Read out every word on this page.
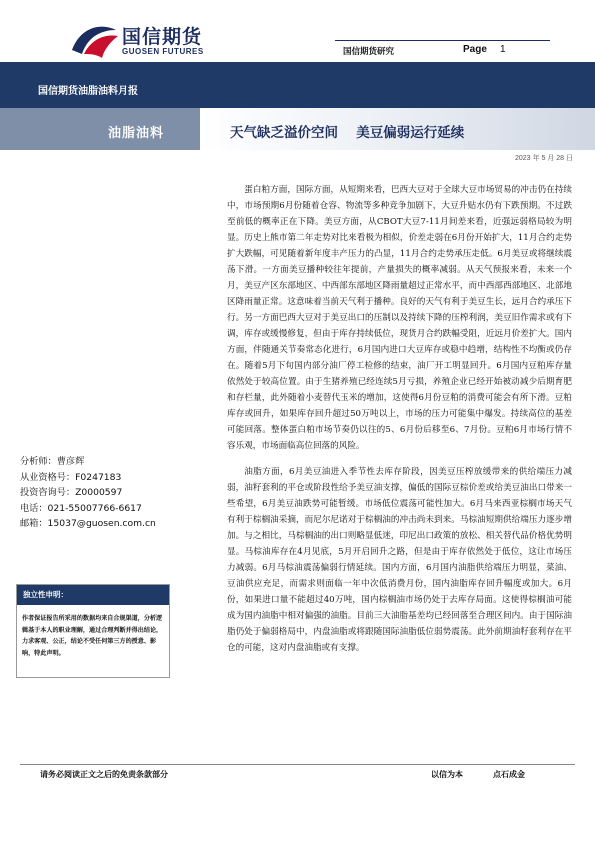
国信期货
GUOSEN FUTURES	国信期货研究	Page 1
国信期货油脂油料月报
油脂油料	天气缺乏溢价空间　 美豆偏弱运行延续
2023 年 5 月 28 日

蛋白粕方面，国际方面，从短期来看，巴西大豆对于全球大豆市场贸易的冲击仍在持续中，市场预期6月份随着仓容、物流等多种竞争加剧下，大豆升贴水仍有下跌预期。不过跌至前低的概率正在下降。美豆方面，从CBOT大豆7-11月间差来看，近强远弱格局较为明显。历史上熊市第二年走势对比来看极为相似，价差走弱在6月份开始扩大，11月合约走势扩大跌幅，可见随着新年度丰产压力的凸显，11月合约走势承压走低。6月美豆或将继续震荡下滑。一方面美豆播种较往年提前，产量损失的概率减弱。从天气预报来看，未来一个月，美豆产区东部地区、中西部东部地区降雨量超过正常水平，而中西部西部地区、北部地区降雨量正常。这意味着当前天气利于播种。良好的天气有利于美豆生长，远月合约承压下行。另一方面巴西大豆对于美豆出口的压制以及持续下降的压榨利润，美豆旧作需求或有下调，库存或缓慢修复，但由于库存持续低位，现货月合约跌幅受阻，近远月价差扩大。国内方面，伴随通关节奏常态化进行，6月国内进口大豆库存或稳中趋增，结构性不均衡或仍存在。随着5月下旬国内部分油厂停工检修的结束，油厂开工明显回升。6月国内豆粕库存量依然处于较高位置。由于生猪养殖已经连续5月亏损，养殖企业已经开始被动减少后期育肥和存栏量，此外随着小麦替代玉米的增加，这使得6月份豆粕的消费可能会有所下滑。豆粕库存或回升，如果库存回升超过50万吨以上，市场的压力可能集中爆发。持续高位的基差可能回落。整体蛋白粕市场节奏仍以往的5、6月份后移至6、7月份。豆粕6月市场行情不容乐观，市场面临高位回落的风险。

油脂方面，6月美豆油进入季节性去库存阶段，因美豆压榨放缓带来的供给端压力减弱，油籽套利的平仓或阶段性给予美豆油支撑，偏低的国际豆棕价差或给美豆油出口带来一些希望，6月美豆油跌势可能暂缓。市场低位震荡可能性加大。6月马来西亚棕榈市场天气有利于棕榈油采摘，而尼尔尼诺对于棕榈油的冲击尚未到来。马棕油短期供给端压力逐步增加。与之相比，马棕榈油的出口则略显低迷，印尼出口政策的放松、相关替代品价格优势明显。马棕油库存在4月见底，5月开启回升之路，但是由于库存依然处于低位，这让市场压力减弱。6月马棕油震荡偏弱行情延续。国内方面，6月国内油脂供给端压力明显，菜油、豆油供应充足，而需求则面临一年中次低消费月份，国内油脂库存回升幅度或加大。6月份，如果进口量不能超过40万吨，国内棕榈油市场仍处于去库存局面。这使得棕榈油可能成为国内油脂中相对偏强的油脂。目前三大油脂基差均已经回落至合理区间内。由于国际油脂仍处于偏弱格局中，内盘油脂或将跟随国际油脂低位弱势震荡。此外前期油籽套利存在平仓的可能，这对内盘油脂或有支撑。

分析师：曹彦辉
从业资格号：F0247183
投资咨询号：Z0000597
电话：021-55007766-6617
邮箱：15037@guosen.com.cn
独立性申明：
作者保证报告所采用的数据均来自合规渠道，分析逻辑基于本人的职业理解，通过合理判断并得出结论，力求客观、公正，结论不受任何第三方的授意、影响，特此声明。
请务必阅读正文之后的免责条款部分	以信为本	点石成金
